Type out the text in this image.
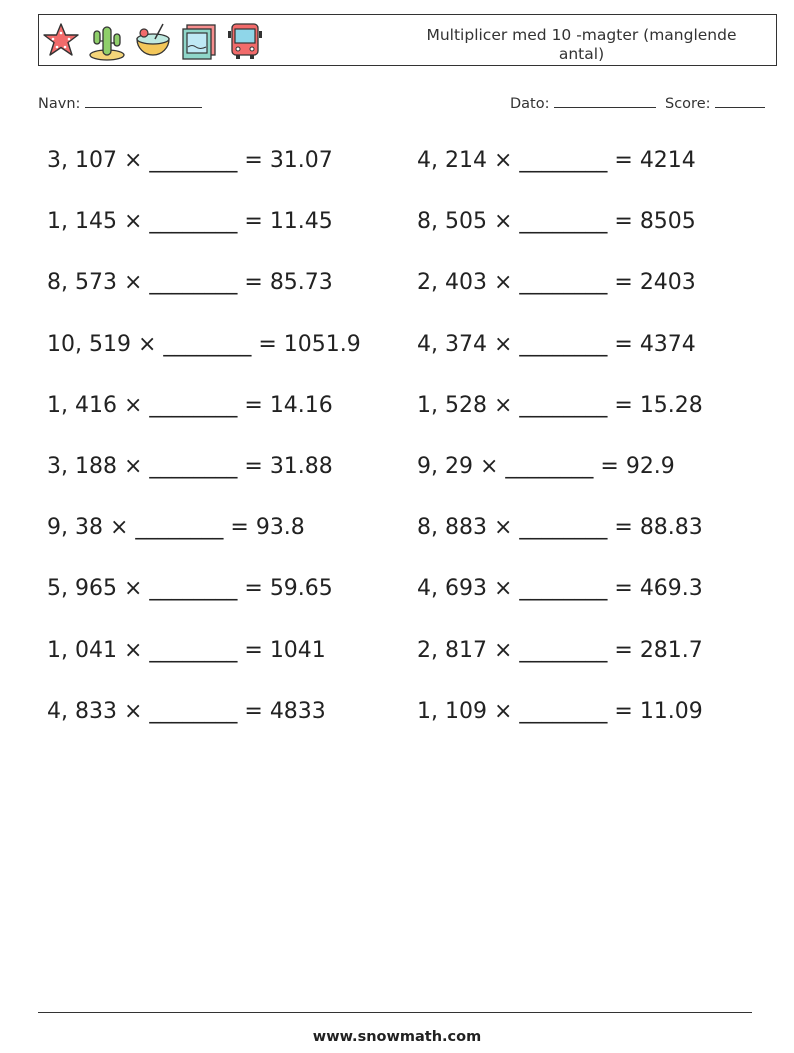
Multiplicer med 10 -magter (manglende antal)
Navn:	Dato:	Score:
3, 107 × ________ = 31.07	4, 214 × ________ = 4214
1, 145 × ________ = 11.45	8, 505 × ________ = 8505
8, 573 × ________ = 85.73	2, 403 × ________ = 2403
10, 519 × ________ = 1051.9	4, 374 × ________ = 4374
1, 416 × ________ = 14.16	1, 528 × ________ = 15.28
3, 188 × ________ = 31.88	9, 29 × ________ = 92.9
9, 38 × ________ = 93.8	8, 883 × ________ = 88.83
5, 965 × ________ = 59.65	4, 693 × ________ = 469.3
1, 041 × ________ = 1041	2, 817 × ________ = 281.7
4, 833 × ________ = 4833	1, 109 × ________ = 11.09
www.snowmath.com
